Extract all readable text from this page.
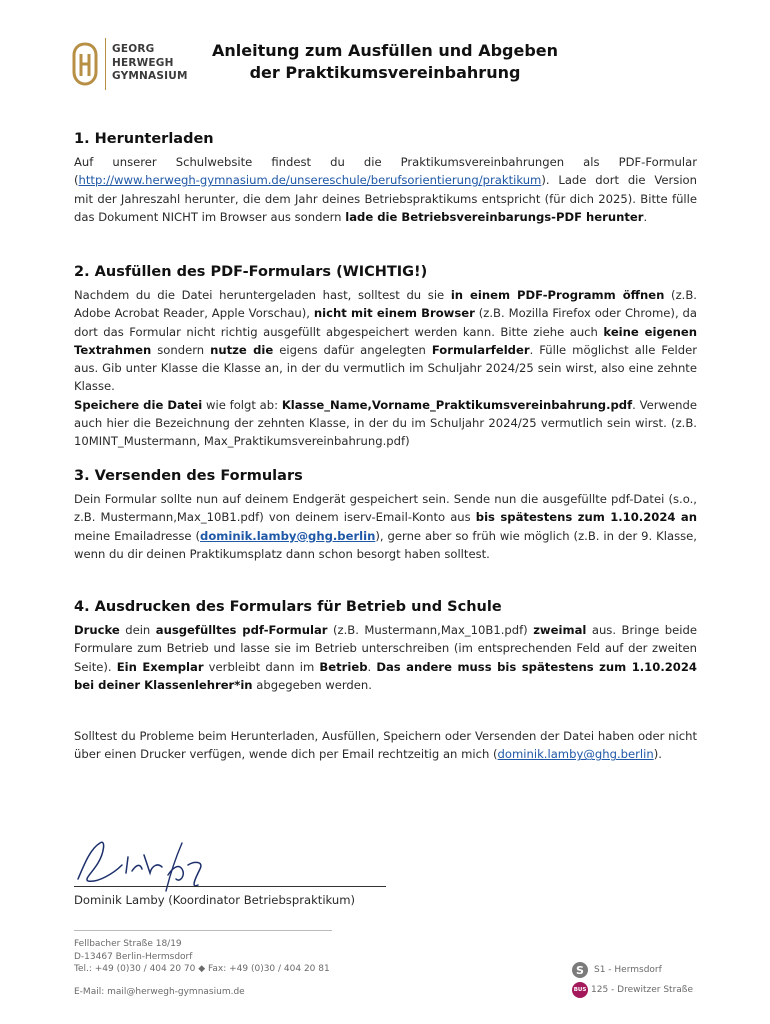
GEORG
HERWEGH
GYMNASIUM
Anleitung zum Ausfüllen und Abgeben
der Praktikumsvereinbahrung
1. Herunterladen

Auf unserer Schulwebsite findest du die Praktikumsvereinbahrungen als PDF-Formular (http://www.herwegh-gymnasium.de/unsereschule/berufsorientierung/praktikum). Lade dort die Version mit der Jahreszahl herunter, die dem Jahr deines Betriebspraktikums entspricht (für dich 2025). Bitte fülle das Dokument NICHT im Browser aus sondern lade die Betriebsvereinbarungs-PDF herunter.

2. Ausfüllen des PDF-Formulars (WICHTIG!)

Nachdem du die Datei heruntergeladen hast, solltest du sie in einem PDF-Programm öffnen (z.B. Adobe Acrobat Reader, Apple Vorschau), nicht mit einem Browser (z.B. Mozilla Firefox oder Chrome), da dort das Formular nicht richtig ausgefüllt abgespeichert werden kann. Bitte ziehe auch keine eigenen Textrahmen sondern nutze die eigens dafür angelegten Formularfelder. Fülle möglichst alle Felder aus. Gib unter Klasse die Klasse an, in der du vermutlich im Schuljahr 2024/25 sein wirst, also eine zehnte Klasse.
Speichere die Datei wie folgt ab: Klasse_Name,Vorname_Praktikumsvereinbahrung.pdf. Verwende auch hier die Bezeichnung der zehnten Klasse, in der du im Schuljahr 2024/25 vermutlich sein wirst. (z.B. 10MINT_Mustermann, Max_Praktikumsvereinbahrung.pdf)

3. Versenden des Formulars

Dein Formular sollte nun auf deinem Endgerät gespeichert sein. Sende nun die ausgefüllte pdf-Datei (s.o., z.B. Mustermann,Max_10B1.pdf) von deinem iserv-Email-Konto aus bis spätestens zum 1.10.2024 an meine Emailadresse (dominik.lamby@ghg.berlin), gerne aber so früh wie möglich (z.B. in der 9. Klasse, wenn du dir deinen Praktikumsplatz dann schon besorgt haben solltest.

4. Ausdrucken des Formulars für Betrieb und Schule

Drucke dein ausgefülltes pdf-Formular (z.B. Mustermann,Max_10B1.pdf) zweimal aus. Bringe beide Formulare zum Betrieb und lasse sie im Betrieb unterschreiben (im entsprechenden Feld auf der zweiten Seite). Ein Exemplar verbleibt dann im Betrieb. Das andere muss bis spätestens zum 1.10.2024 bei deiner Klassenlehrer*in abgegeben werden.

Solltest du Probleme beim Herunterladen, Ausfüllen, Speichern oder Versenden der Datei haben oder nicht über einen Drucker verfügen, wende dich per Email rechtzeitig an mich (dominik.lamby@ghg.berlin).

Dominik Lamby (Koordinator Betriebspraktikum)
Fellbacher Straße 18/19
D-13467 Berlin-Hermsdorf
Tel.: +49 (0)30 / 404 20 70 ◆ Fax: +49 (0)30 / 404 20 81
E-Mail: mail@herwegh-gymnasium.de
S	S1 - Hermsdorf
BUS 125 - Drewitzer Straße
